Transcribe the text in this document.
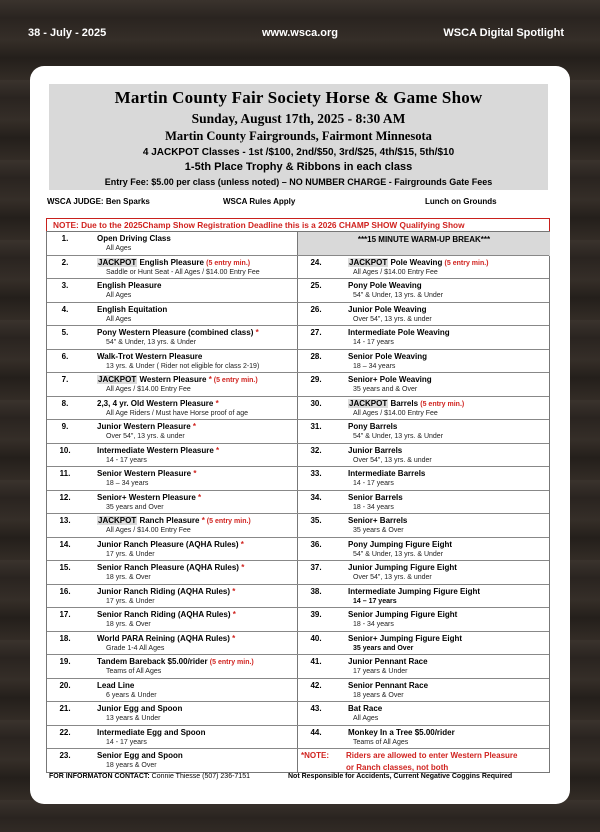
38 - July - 2025	www.wsca.org	WSCA Digital Spotlight
Martin County Fair Society Horse & Game Show
Sunday, August 17th, 2025 - 8:30 AM
Martin County Fairgrounds, Fairmont Minnesota
4 JACKPOT Classes - 1st /$100, 2nd/$50, 3rd/$25, 4th/$15, 5th/$10
1-5th Place Trophy & Ribbons in each class
Entry Fee: $5.00 per class (unless noted) – NO NUMBER CHARGE - Fairgrounds Gate Fees
WSCA JUDGE: Ben Sparks	WSCA Rules Apply	Lunch on Grounds
NOTE: Due to the 2025Champ Show Registration Deadline this is a 2026 CHAMP SHOW Qualifying Show
***15 MINUTE WARM-UP BREAK***
1.	Open Driving Class
All Ages
2.	JACKPOT English Pleasure (5 entry min.)
Saddle or Hunt Seat - All Ages / $14.00 Entry Fee
3.	English Pleasure
All Ages
4.	English Equitation
All Ages
5.	Pony Western Pleasure (combined class) *
54" & Under, 13 yrs. & Under
6.	Walk-Trot Western Pleasure
13 yrs. & Under ( Rider not eligible for class 2-19)
7.	JACKPOT Western Pleasure * (5 entry min.)
All Ages / $14.00 Entry Fee
8.	2,3, 4 yr. Old Western Pleasure *
All Age Riders / Must have Horse proof of age
9.	Junior Western Pleasure *
Over 54", 13 yrs. & under
10.	Intermediate Western Pleasure *
14 - 17 years
11.	Senior Western Pleasure *
18 – 34 years
12.	Senior+ Western Pleasure *
35 years and Over
13.	JACKPOT Ranch Pleasure * (5 entry min.)
All Ages / $14.00 Entry Fee
14.	Junior Ranch Pleasure (AQHA Rules) *
17 yrs. & Under
15.	Senior Ranch Pleasure (AQHA Rules) *
18 yrs. & Over
16.	Junior Ranch Riding (AQHA Rules) *
17 yrs. & Under
17.	Senior Ranch Riding (AQHA Rules) *
18 yrs. & Over
18.	World PARA Reining (AQHA Rules) *
Grade 1-4 All Ages
19.	Tandem Bareback $5.00/rider (5 entry min.)
Teams of All Ages
20.	Lead Line
6 years & Under
21.	Junior Egg and Spoon
13 years & Under
22.	Intermediate Egg and Spoon
14 - 17 years
23.	Senior Egg and Spoon
18 years & Over
24.	JACKPOT Pole Weaving (5 entry min.)
All Ages / $14.00 Entry Fee
25.	Pony Pole Weaving
54" & Under, 13 yrs. & Under
26.	Junior Pole Weaving
Over 54", 13 yrs. & under
27.	Intermediate Pole Weaving
14 - 17 years
28.	Senior Pole Weaving
18 – 34 years
29.	Senior+ Pole Weaving
35 years and & Over
30.	JACKPOT Barrels (5 entry min.)
All Ages / $14.00 Entry Fee
31.	Pony Barrels
54" & Under, 13 yrs. & Under
32.	Junior Barrels
Over 54", 13 yrs. & under
33.	Intermediate Barrels
14 - 17 years
34.	Senior Barrels
18 - 34 years
35.	Senior+ Barrels
35 years & Over
36.	Pony Jumping Figure Eight
54" & Under, 13 yrs. & Under
37.	Junior Jumping Figure Eight
Over 54", 13 yrs. & under
38.	Intermediate Jumping Figure Eight
14 – 17 years
39.	Senior Jumping Figure Eight
18 - 34 years
40.	Senior+ Jumping Figure Eight
35 years and Over
41.	Junior Pennant Race
17 years & Under
42.	Senior Pennant Race
18 years & Over
43.	Bat Race
All Ages
44.	Monkey In a Tree $5.00/rider
Teams of All Ages
*NOTE:	Riders are allowed to enter Western Pleasure
or Ranch classes, not both
FOR INFORMATON CONTACT: Connie Thiesse (507) 236-7151	Not Responsible for Accidents, Current Negative Coggins Required
